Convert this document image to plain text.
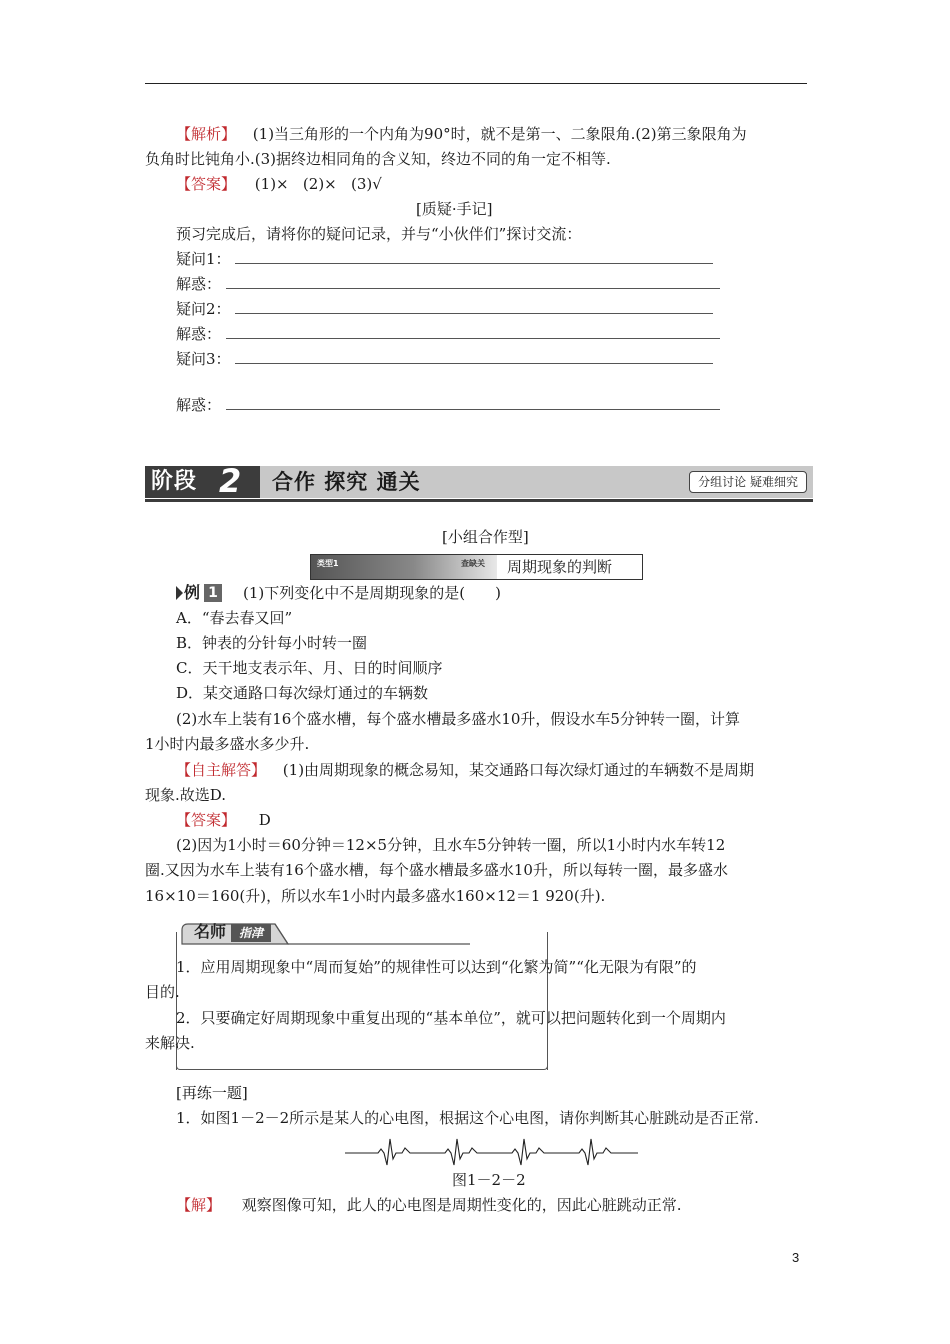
【解析】 (1)当三角形的一个内角为90°时，就不是第一、二象限角.(2)第三象限角为
负角时比钝角小.(3)据终边相同角的含义知，终边不同的角一定不相等.
【答案】 (1)×   (2)×   (3)√
[质疑·手记]
预习完成后，请将你的疑问记录，并与“小伙伴们”探讨交流：
疑问1：
解惑：
疑问2：
解惑：
疑问3：
解惑：
阶段 2	合作 探究 通关	分组讨论 疑难细究
[小组合作型]
类型1	查缺关 周期现象的判断
例 1 (1)下列变化中不是周期现象的是(　　)
A．“春去春又回”
B．钟表的分针每小时转一圈
C．天干地支表示年、月、日的时间顺序
D．某交通路口每次绿灯通过的车辆数
(2)水车上装有16个盛水槽，每个盛水槽最多盛水10升，假设水车5分钟转一圈，计算
1小时内最多盛水多少升.
【自主解答】 (1)由周期现象的概念易知，某交通路口每次绿灯通过的车辆数不是周期
现象.故选D.
【答案】 D
(2)因为1小时＝60分钟＝12×5分钟，且水车5分钟转一圈，所以1小时内水车转12
圈.又因为水车上装有16个盛水槽，每个盛水槽最多盛水10升，所以每转一圈，最多盛水
16×10＝160(升)，所以水车1小时内最多盛水160×12＝1 920(升).
名师	指津
1．应用周期现象中“周而复始”的规律性可以达到“化繁为简”“化无限为有限”的
目的.
2．只要确定好周期现象中重复出现的“基本单位”，就可以把问题转化到一个周期内
来解决.
[再练一题]
1．如图1－2－2所示是某人的心电图，根据这个心电图，请你判断其心脏跳动是否正常.
图1－2－2
【解】 观察图像可知，此人的心电图是周期性变化的，因此心脏跳动正常.
3
